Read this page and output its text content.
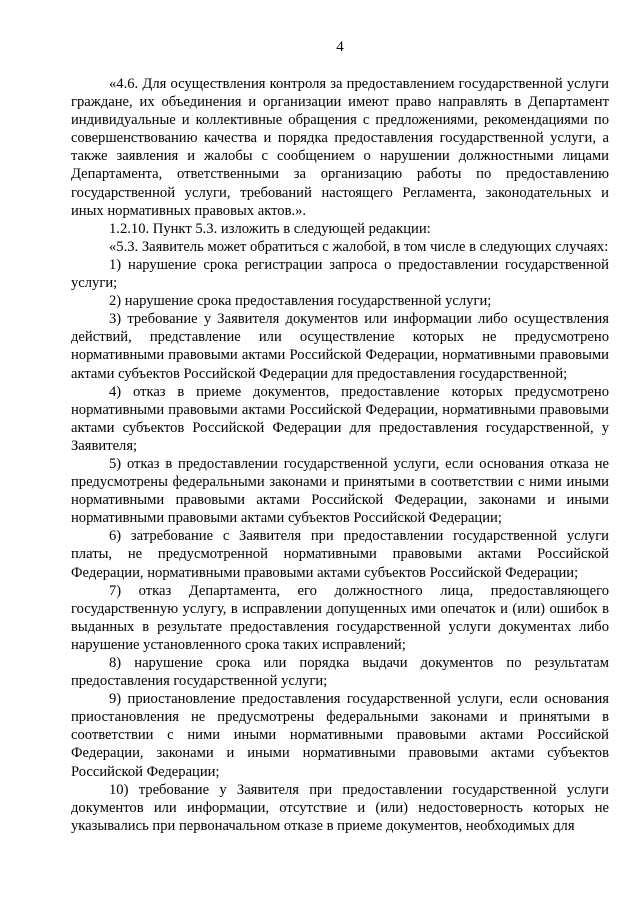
4

«4.6. Для осуществления контроля за предоставлением государственной услуги граждане, их объединения и организации имеют право направлять в Департамент индивидуальные и коллективные обращения с предложениями, рекомендациями по совершенствованию качества и порядка предоставления государственной услуги, а также заявления и жалобы с сообщением о нарушении должностными лицами Департамента, ответственными за организацию работы по предоставлению государственной услуги, требований настоящего Регламента, законодательных и иных нормативных правовых актов.».

1.2.10. Пункт 5.3. изложить в следующей редакции:

«5.3. Заявитель может обратиться с жалобой, в том числе в следующих случаях:

1) нарушение срока регистрации запроса о предоставлении государственной услуги;

2) нарушение срока предоставления государственной услуги;

3) требование у Заявителя документов или информации либо осуществления действий, представление или осуществление которых не предусмотрено нормативными правовыми актами Российской Федерации, нормативными правовыми актами субъектов Российской Федерации для предоставления государственной;

4) отказ в приеме документов, предоставление которых предусмотрено нормативными правовыми актами Российской Федерации, нормативными правовыми актами субъектов Российской Федерации для предоставления государственной, у Заявителя;

5) отказ в предоставлении государственной услуги, если основания отказа не предусмотрены федеральными законами и принятыми в соответствии с ними иными нормативными правовыми актами Российской Федерации, законами и иными нормативными правовыми актами субъектов Российской Федерации;

6) затребование с Заявителя при предоставлении государственной услуги платы, не предусмотренной нормативными правовыми актами Российской Федерации, нормативными правовыми актами субъектов Российской Федерации;

7) отказ Департамента, его должностного лица, предоставляющего государственную услугу, в исправлении допущенных ими опечаток и (или) ошибок в выданных в результате предоставления государственной услуги документах либо нарушение установленного срока таких исправлений;

8) нарушение срока или порядка выдачи документов по результатам предоставления государственной услуги;

9) приостановление предоставления государственной услуги, если основания приостановления не предусмотрены федеральными законами и принятыми в соответствии с ними иными нормативными правовыми актами Российской Федерации, законами и иными нормативными правовыми актами субъектов Российской Федерации;

10) требование у Заявителя при предоставлении государственной услуги документов или информации, отсутствие и (или) недостоверность которых не указывались при первоначальном отказе в приеме документов, необходимых для
